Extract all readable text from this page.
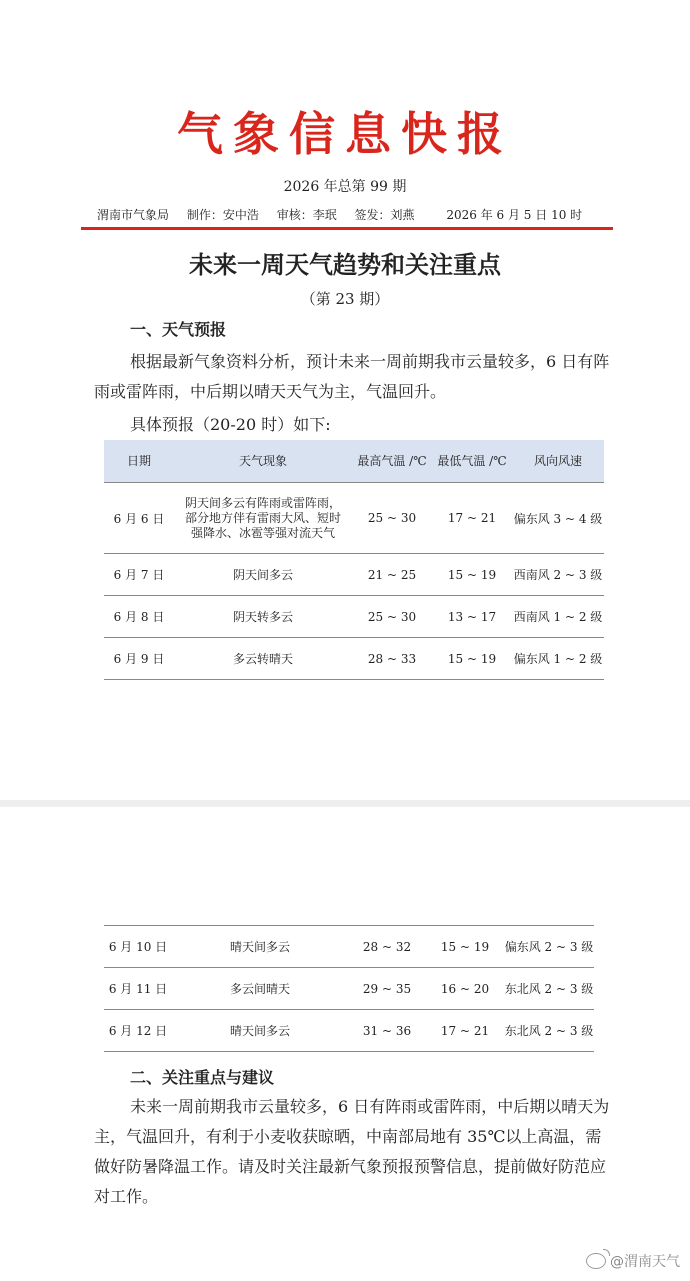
气象信息快报
2026 年总第 99 期
渭南市气象局 制作：安中浩 审核：李珉 签发：刘燕	2026 年 6 月 5 日 10 时
未来一周天气趋势和关注重点
（第 23 期）
一、天气预报

根据最新气象资料分析，预计未来一周前期我市云量较多，6 日有阵雨或雷阵雨，中后期以晴天天气为主，气温回升。

具体预报（20-20 时）如下:

日期	天气现象	最高气温 /℃	最低气温 /℃	风向风速
6 月 6 日	阴天间多云有阵雨或雷阵雨，部分地方伴有雷雨大风、短时强降水、冰雹等强对流天气	25 ~ 30	17 ~ 21	偏东风 3 ~ 4 级
6 月 7 日	阴天间多云	21 ~ 25	15 ~ 19	西南风 2 ~ 3 级
6 月 8 日	阴天转多云	25 ~ 30	13 ~ 17	西南风 1 ~ 2 级
6 月 9 日	多云转晴天	28 ~ 33	15 ~ 19	偏东风 1 ~ 2 级
6 月 10 日	晴天间多云	28 ~ 32	15 ~ 19	偏东风 2 ~ 3 级
6 月 11 日	多云间晴天	29 ~ 35	16 ~ 20	东北风 2 ~ 3 级
6 月 12 日	晴天间多云	31 ~ 36	17 ~ 21	东北风 2 ~ 3 级
二、关注重点与建议

未来一周前期我市云量较多，6 日有阵雨或雷阵雨，中后期以晴天为主，气温回升，有利于小麦收获晾晒，中南部局地有 35℃以上高温，需做好防暑降温工作。请及时关注最新气象预报预警信息，提前做好防范应对工作。

@渭南天气
